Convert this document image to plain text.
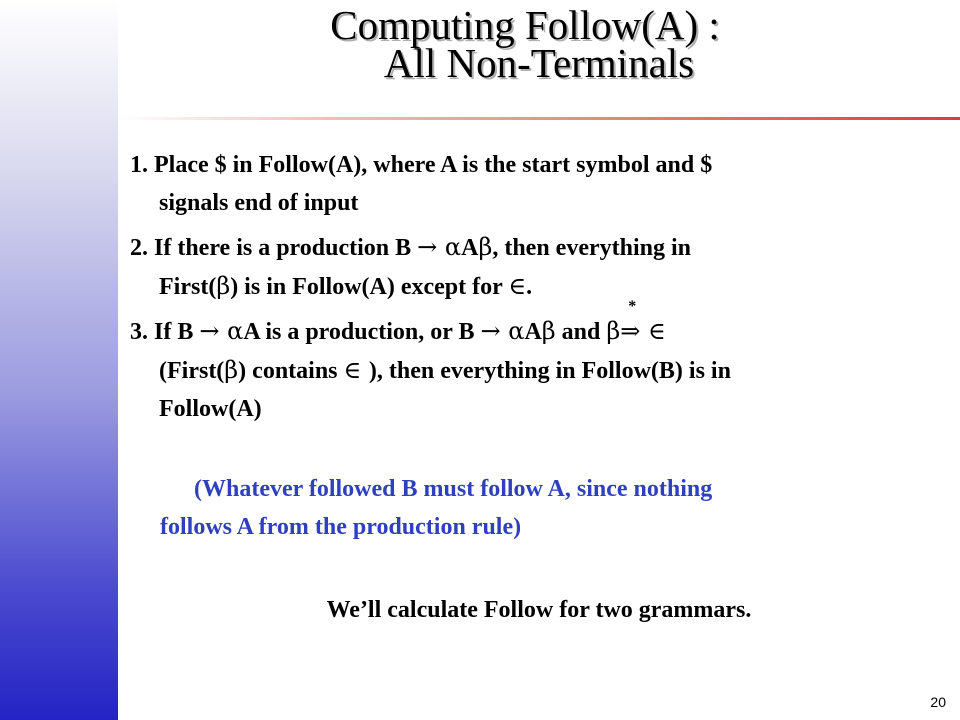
Computing Follow(A) :

All Non-Terminals

1. Place $ in Follow(A), where A is the start symbol and $
signals end of input
2. If there is a production B → αAβ, then everything in
First(β) is in Follow(A) except for ∈.
3. If B → αA is a production, or B → αAβ and β⇒
*
∈
(First(β) contains ∈ ), then everything in Follow(B) is in
Follow(A)
(Whatever followed B must follow A, since nothing
follows A from the production rule)
We’ll calculate Follow for two grammars.
20
